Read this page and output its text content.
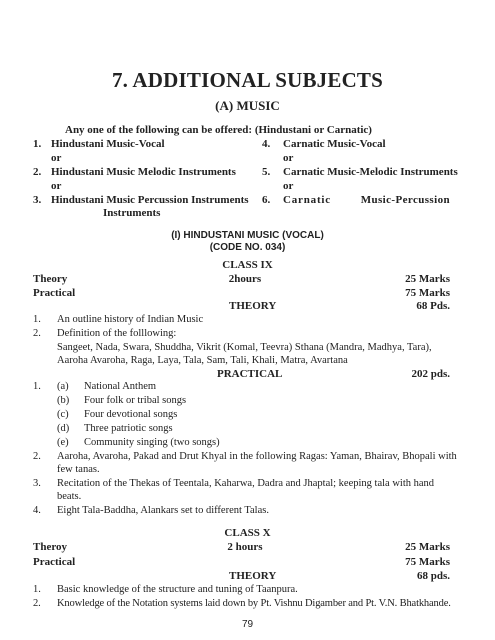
7. ADDITIONAL SUBJECTS
(A) MUSIC
Any one of the following can be offered: (Hindustani or Carnatic)
1. Hindustani Music-Vocal	4. Carnatic Music-Vocal
or	or
2. Hindustani Music Melodic Instruments 5. Carnatic Music-Melodic Instruments
or	or
3. Hindustani Music Percussion Instruments 6. Carnatic	Music-Percussion
Instruments
(I) HINDUSTANI MUSIC (VOCAL)
(CODE NO. 034)
CLASS IX
Theory	2hours	25 Marks
Practical	75 Marks
THEORY	68 Pds.
1. An outline history of Indian Music
2. Definition of the folllowing:
Sangeet, Nada, Swara, Shuddha, Vikrit (Komal, Teevra) Sthana (Mandra, Madhya, Tara),
Aaroha Avaroha, Raga, Laya, Tala, Sam, Tali, Khali, Matra, Avartana
PRACTICAL	202 pds.
1. (a) National Anthem
(b) Four folk or tribal songs
(c) Four devotional songs
(d) Three patriotic songs
(e) Community singing (two songs)
2. Aaroha, Avaroha, Pakad and Drut Khyal in the following Ragas: Yaman, Bhairav, Bhopali with
few tanas.
3. Recitation of the Thekas of Teentala, Kaharwa, Dadra and Jhaptal; keeping tala with hand
beats.
4. Eight Tala-Baddha, Alankars set to different Talas.
CLASS X
Theroy	2 hours	25 Marks
Practical	75 Marks
THEORY	68 pds.
1. Basic knowledge of the structure and tuning of Taanpura.
2. Knowledge of the Notation systems laid down by Pt. Vishnu Digamber and Pt. V.N. Bhatkhande.
79
